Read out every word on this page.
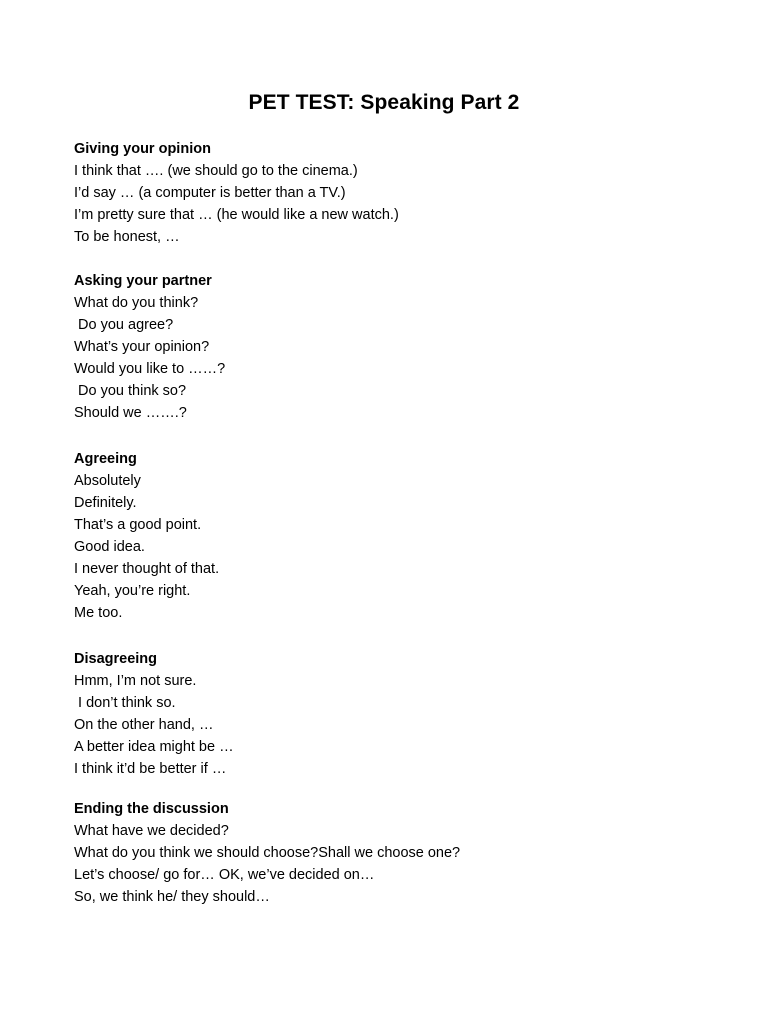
PET TEST: Speaking Part 2
Giving your opinion
I think that …. (we should go to the cinema.)
I’d say … (a computer is better than a TV.)
I’m pretty sure that … (he would like a new watch.)
To be honest, …
Asking your partner
What do you think?
Do you agree?
What’s your opinion?
Would you like to ……?
Do you think so?
Should we …….?
Agreeing
Absolutely
Definitely.
That’s a good point.
Good idea.
I never thought of that.
Yeah, you’re right.
Me too.
Disagreeing
Hmm, I’m not sure.
I don’t think so.
On the other hand, …
A better idea might be …
I think it’d be better if …
Ending the discussion
What have we decided?
What do you think we should choose?Shall we choose one?
Let’s choose/ go for… OK, we’ve decided on…
So, we think he/ they should…
